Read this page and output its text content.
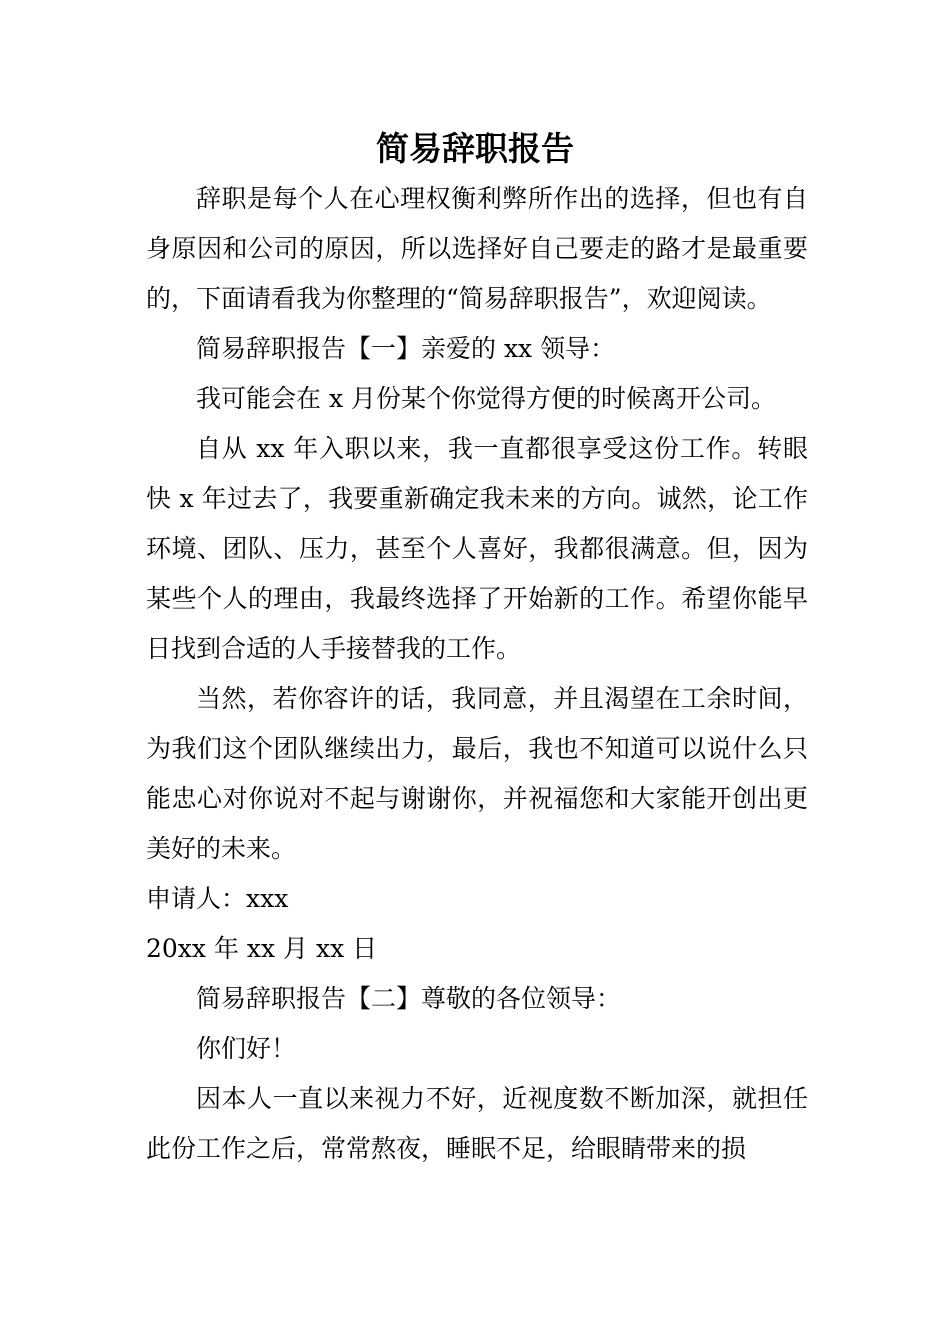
简易辞职报告

辞职是每个人在心理权衡利弊所作出的选择，但也有自身原因和公司的原因，所以选择好自己要走的路才是最重要的，下面请看我为你整理的“简易辞职报告”，欢迎阅读。

简易辞职报告【一】亲爱的 xx 领导：

我可能会在 x 月份某个你觉得方便的时候离开公司。

自从 xx 年入职以来，我一直都很享受这份工作。转眼快 x 年过去了，我要重新确定我未来的方向。诚然，论工作环境、团队、压力，甚至个人喜好，我都很满意。但，因为某些个人的理由，我最终选择了开始新的工作。希望你能早日找到合适的人手接替我的工作。

当然，若你容许的话，我同意，并且渴望在工余时间，为我们这个团队继续出力，最后，我也不知道可以说什么只能忠心对你说对不起与谢谢你，并祝福您和大家能开创出更美好的未来。

申请人：xxx

20xx 年 xx 月 xx 日

简易辞职报告【二】尊敬的各位领导：

你们好！

因本人一直以来视力不好，近视度数不断加深，就担任此份工作之后，常常熬夜，睡眠不足，给眼睛带来的损
